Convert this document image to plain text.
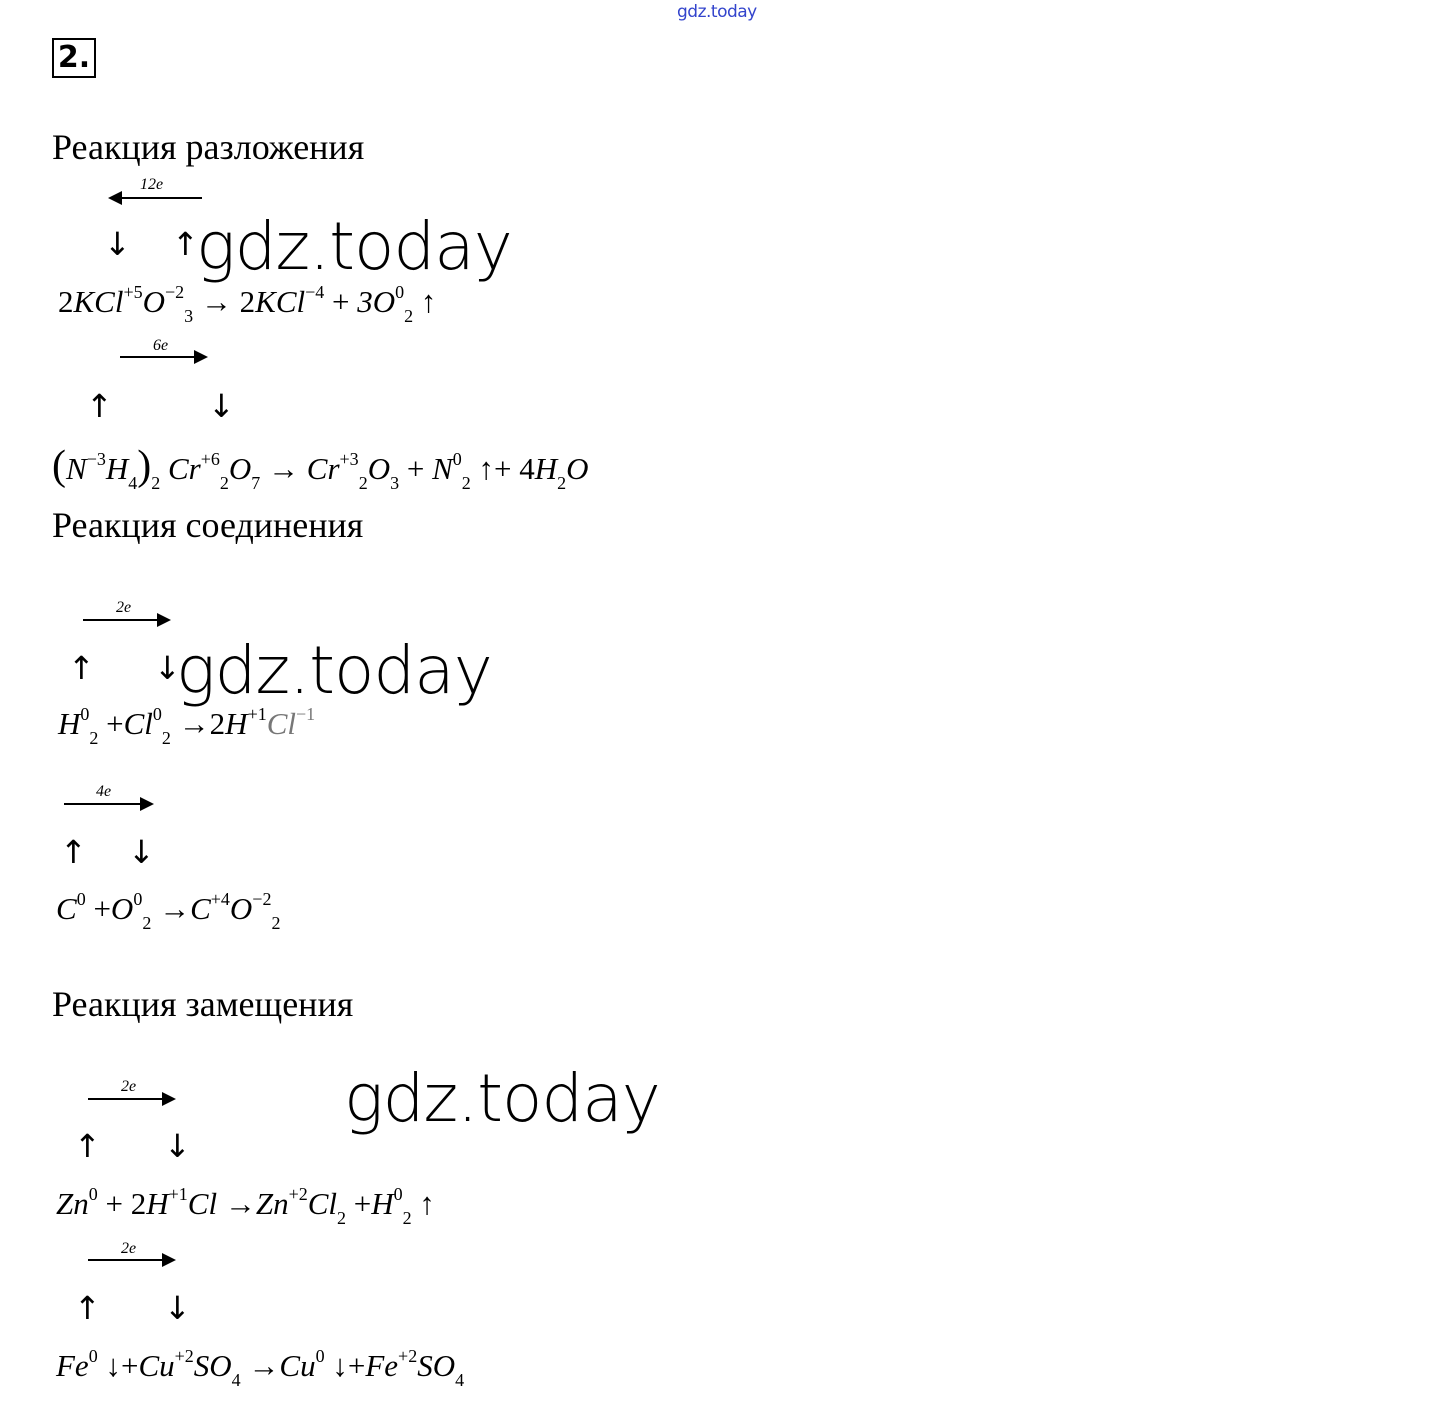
gdz.today
2.
Реакция разложения
12e
↓ ↑
gdz.today
$2KCl^{+5}O^{-2}_3 \to 2KCl^{-4} + 3O^0_2$ ↑
6e
↑	↓
$(N^{-3}H_4)_2$ $Cr^{+6}_2O_7 \to Cr^{+3}_2O_3 + N^0_2$ ↑+ $4H_2O$
Реакция соединения
2e
↑ ↓
gdz.today
$H^0_2 +Cl^0_2 \to 2H^{+1}Cl^{-1}$
4e
↑ ↓
$C^0 +O^0_2 \to C^{+4}O^{-2}_2$
Реакция замещения
gdz.today
2e
↑ ↓
$Zn^0 + 2H^{+1}Cl \to Zn^{+2}Cl_2 +H^0_2$ ↑
2e
↑ ↓
Fe$^0$ $↓+Cu^{+2}SO_4 \to Cu^0$ $↓+Fe^{+2}SO_4$
